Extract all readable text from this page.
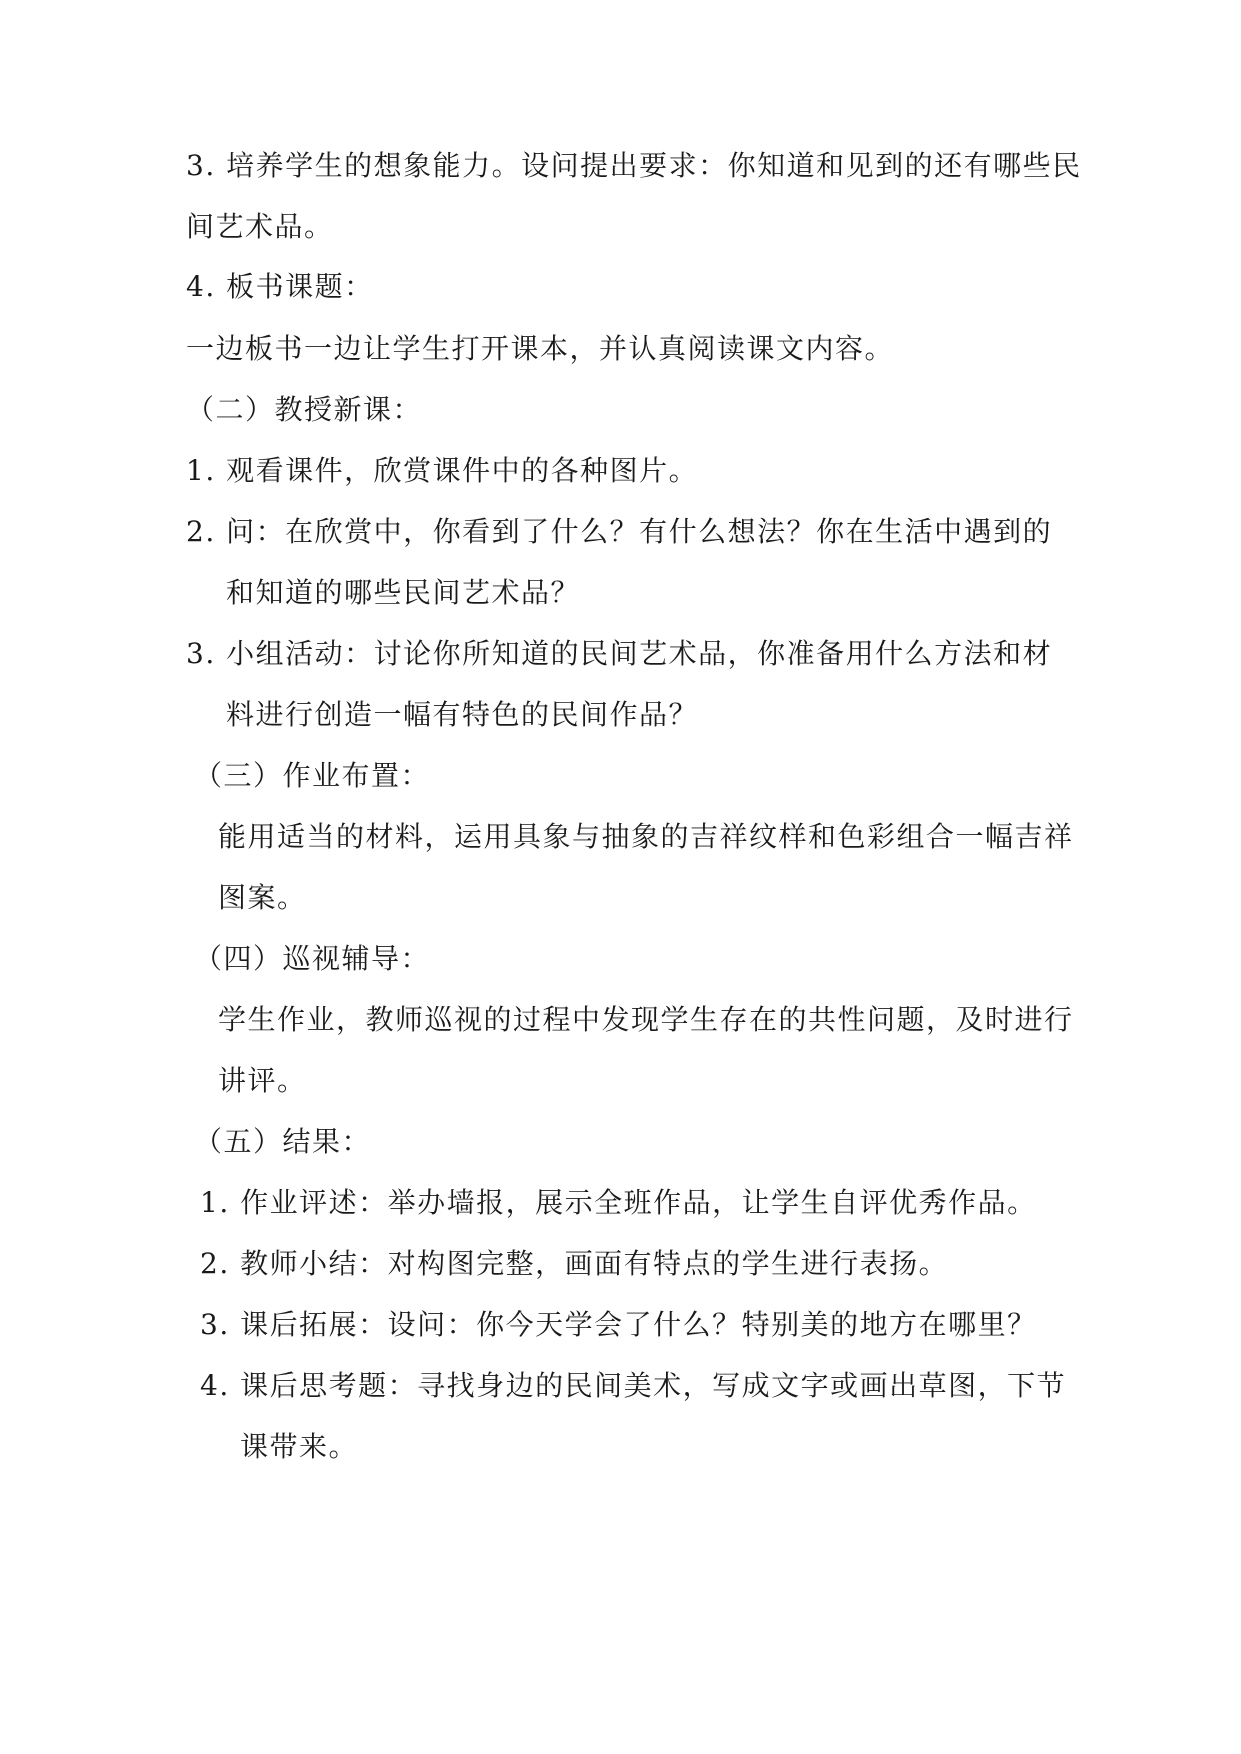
3. 培养学生的想象能力。设问提出要求：你知道和见到的还有哪些民
间艺术品。
4. 板书课题：
一边板书一边让学生打开课本，并认真阅读课文内容。
（二）教授新课：
1. 观看课件，欣赏课件中的各种图片。
2. 问：在欣赏中，你看到了什么？有什么想法？你在生活中遇到的
和知道的哪些民间艺术品？
3. 小组活动：讨论你所知道的民间艺术品，你准备用什么方法和材
料进行创造一幅有特色的民间作品？
（三）作业布置：
能用适当的材料，运用具象与抽象的吉祥纹样和色彩组合一幅吉祥
图案。
（四）巡视辅导：
学生作业，教师巡视的过程中发现学生存在的共性问题，及时进行
讲评。
（五）结果：
1. 作业评述：举办墙报，展示全班作品，让学生自评优秀作品。
2. 教师小结：对构图完整，画面有特点的学生进行表扬。
3. 课后拓展：设问：你今天学会了什么？特别美的地方在哪里？
4. 课后思考题：寻找身边的民间美术，写成文字或画出草图，下节
课带来。
